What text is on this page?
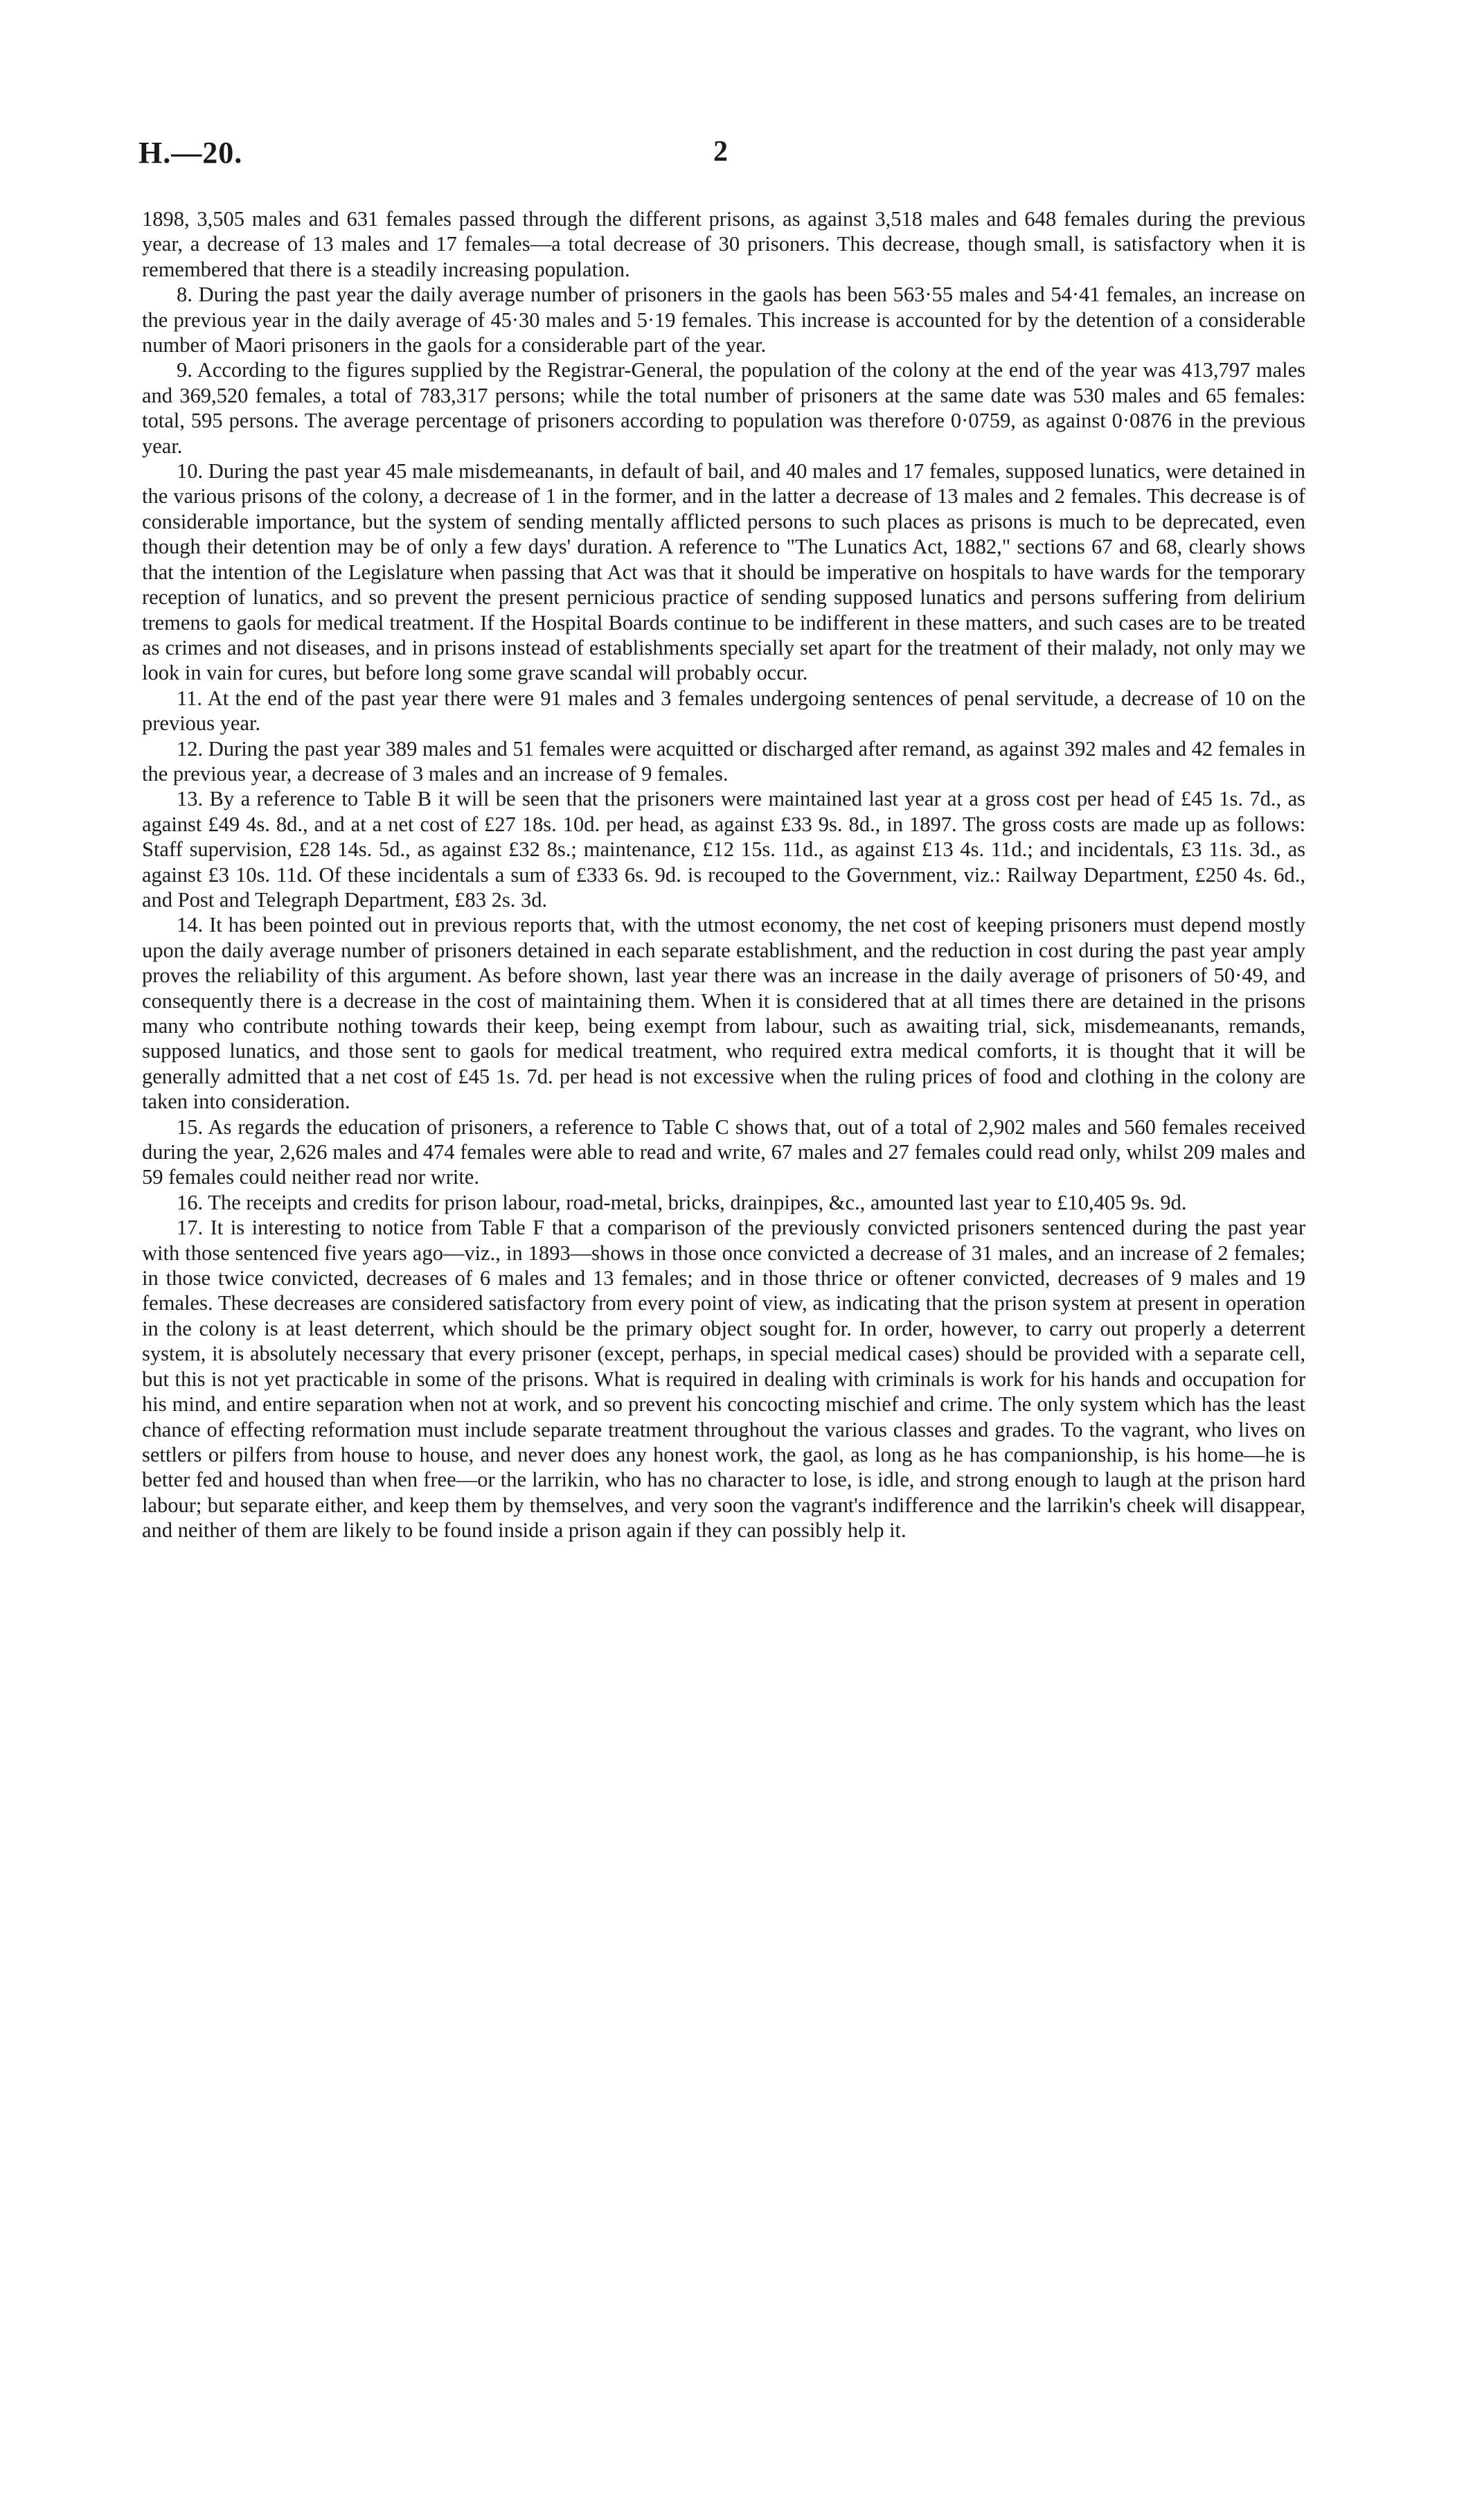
H.—20.	2

1898, 3,505 males and 631 females passed through the different prisons, as against 3,518 males and 648 females during the previous year, a decrease of 13 males and 17 females—a total decrease of 30 prisoners. This decrease, though small, is satisfactory when it is remembered that there is a steadily increasing population.

8. During the past year the daily average number of prisoners in the gaols has been 563·55 males and 54·41 females, an increase on the previous year in the daily average of 45·30 males and 5·19 females. This increase is accounted for by the detention of a considerable number of Maori prisoners in the gaols for a considerable part of the year.

9. According to the figures supplied by the Registrar-General, the population of the colony at the end of the year was 413,797 males and 369,520 females, a total of 783,317 persons; while the total number of prisoners at the same date was 530 males and 65 females: total, 595 persons. The average percentage of prisoners according to population was therefore 0·0759, as against 0·0876 in the previous year.

10. During the past year 45 male misdemeanants, in default of bail, and 40 males and 17 females, supposed lunatics, were detained in the various prisons of the colony, a decrease of 1 in the former, and in the latter a decrease of 13 males and 2 females. This decrease is of considerable importance, but the system of sending mentally afflicted persons to such places as prisons is much to be deprecated, even though their detention may be of only a few days' duration. A reference to "The Lunatics Act, 1882," sections 67 and 68, clearly shows that the intention of the Legislature when passing that Act was that it should be imperative on hospitals to have wards for the temporary reception of lunatics, and so prevent the present pernicious practice of sending supposed lunatics and persons suffering from delirium tremens to gaols for medical treatment. If the Hospital Boards continue to be indifferent in these matters, and such cases are to be treated as crimes and not diseases, and in prisons instead of establishments specially set apart for the treatment of their malady, not only may we look in vain for cures, but before long some grave scandal will probably occur.

11. At the end of the past year there were 91 males and 3 females undergoing sentences of penal servitude, a decrease of 10 on the previous year.

12. During the past year 389 males and 51 females were acquitted or discharged after remand, as against 392 males and 42 females in the previous year, a decrease of 3 males and an increase of 9 females.

13. By a reference to Table B it will be seen that the prisoners were maintained last year at a gross cost per head of £45 1s. 7d., as against £49 4s. 8d., and at a net cost of £27 18s. 10d. per head, as against £33 9s. 8d., in 1897. The gross costs are made up as follows: Staff supervision, £28 14s. 5d., as against £32 8s.; maintenance, £12 15s. 11d., as against £13 4s. 11d.; and incidentals, £3 11s. 3d., as against £3 10s. 11d. Of these incidentals a sum of £333 6s. 9d. is recouped to the Government, viz.: Railway Department, £250 4s. 6d., and Post and Telegraph Department, £83 2s. 3d.

14. It has been pointed out in previous reports that, with the utmost economy, the net cost of keeping prisoners must depend mostly upon the daily average number of prisoners detained in each separate establishment, and the reduction in cost during the past year amply proves the reliability of this argument. As before shown, last year there was an increase in the daily average of prisoners of 50·49, and consequently there is a decrease in the cost of maintaining them. When it is considered that at all times there are detained in the prisons many who contribute nothing towards their keep, being exempt from labour, such as awaiting trial, sick, misdemeanants, remands, supposed lunatics, and those sent to gaols for medical treatment, who required extra medical comforts, it is thought that it will be generally admitted that a net cost of £45 1s. 7d. per head is not excessive when the ruling prices of food and clothing in the colony are taken into consideration.

15. As regards the education of prisoners, a reference to Table C shows that, out of a total of 2,902 males and 560 females received during the year, 2,626 males and 474 females were able to read and write, 67 males and 27 females could read only, whilst 209 males and 59 females could neither read nor write.

16. The receipts and credits for prison labour, road-metal, bricks, drainpipes, &c., amounted last year to £10,405 9s. 9d.

17. It is interesting to notice from Table F that a comparison of the previously convicted prisoners sentenced during the past year with those sentenced five years ago—viz., in 1893—shows in those once convicted a decrease of 31 males, and an increase of 2 females; in those twice convicted, decreases of 6 males and 13 females; and in those thrice or oftener convicted, decreases of 9 males and 19 females. These decreases are considered satisfactory from every point of view, as indicating that the prison system at present in operation in the colony is at least deterrent, which should be the primary object sought for. In order, however, to carry out properly a deterrent system, it is absolutely necessary that every prisoner (except, perhaps, in special medical cases) should be provided with a separate cell, but this is not yet practicable in some of the prisons. What is required in dealing with criminals is work for his hands and occupation for his mind, and entire separation when not at work, and so prevent his concocting mischief and crime. The only system which has the least chance of effecting reformation must include separate treatment throughout the various classes and grades. To the vagrant, who lives on settlers or pilfers from house to house, and never does any honest work, the gaol, as long as he has companionship, is his home—he is better fed and housed than when free—or the larrikin, who has no character to lose, is idle, and strong enough to laugh at the prison hard labour; but separate either, and keep them by themselves, and very soon the vagrant's indifference and the larrikin's cheek will disappear, and neither of them are likely to be found inside a prison again if they can possibly help it.
